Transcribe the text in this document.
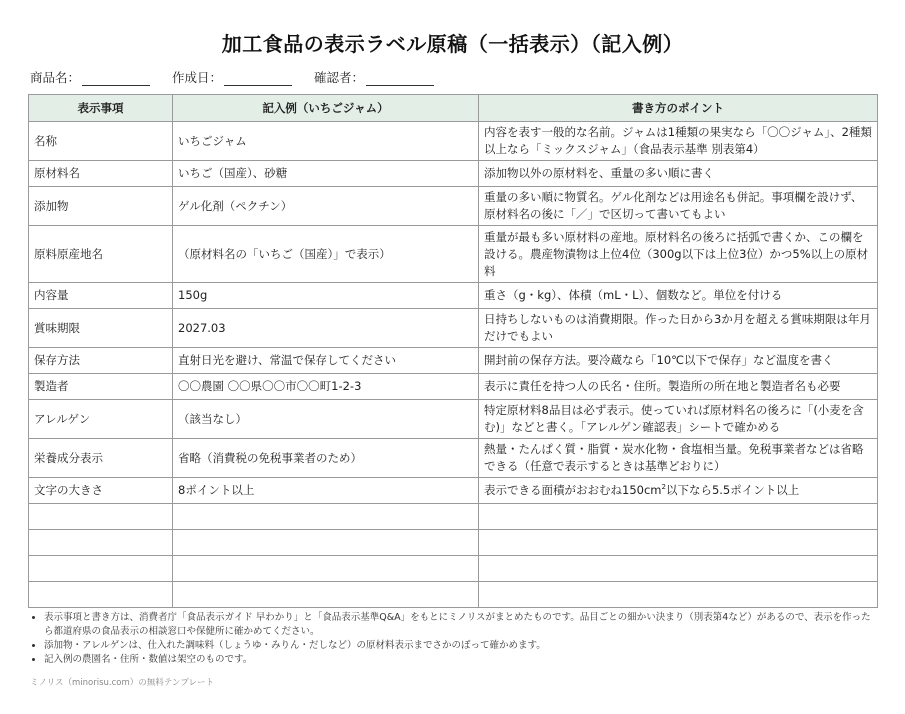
加工食品の表示ラベル原稿（一括表示）（記入例）
商品名：	作成日：	確認者：
表示事項	記入例（いちごジャム）	書き方のポイント
名称	いちごジャム	内容を表す一般的な名前。ジャムは1種類の果実なら「〇〇ジャム」、2種類以上なら「ミックスジャム」（食品表示基準 別表第4）
原材料名	いちご（国産）、砂糖	添加物以外の原材料を、重量の多い順に書く
添加物	ゲル化剤（ペクチン）	重量の多い順に物質名。ゲル化剤などは用途名も併記。事項欄を設けず、原材料名の後に「／」で区切って書いてもよい
原料原産地名	（原材料名の「いちご（国産）」で表示）	重量が最も多い原材料の産地。原材料名の後ろに括弧で書くか、この欄を設ける。農産物漬物は上位4位（300g以下は上位3位）かつ5%以上の原材料
内容量	150g	重さ（g・kg）、体積（mL・L）、個数など。単位を付ける
賞味期限	2027.03	日持ちしないものは消費期限。作った日から3か月を超える賞味期限は年月だけでもよい
保存方法	直射日光を避け、常温で保存してください	開封前の保存方法。要冷蔵なら「10℃以下で保存」など温度を書く
製造者	〇〇農園 〇〇県〇〇市〇〇町1-2-3	表示に責任を持つ人の氏名・住所。製造所の所在地と製造者名も必要
アレルゲン	（該当なし）	特定原材料8品目は必ず表示。使っていれば原材料名の後ろに「(小麦を含む)」などと書く。「アレルゲン確認表」シートで確かめる
栄養成分表示	省略（消費税の免税事業者のため）	熱量・たんぱく質・脂質・炭水化物・食塩相当量。免税事業者などは省略できる（任意で表示するときは基準どおりに）
文字の大きさ	8ポイント以上	表示できる面積がおおむね$150cm^2$以下なら5.5ポイント以上

• 表示事項と書き方は、消費者庁「食品表示ガイド 早わかり」と「食品表示基準Q&A」をもとにミノリスがまとめたものです。品目ごとの細かい決まり（別表第4など）があるので、表示を作ったら都道府県の食品表示の相談窓口や保健所に確かめてください。
• 添加物・アレルゲンは、仕入れた調味料（しょうゆ・みりん・だしなど）の原材料表示までさかのぼって確かめます。
• 記入例の農園名・住所・数値は架空のものです。
ミノリス（minorisu.com）の無料テンプレート
